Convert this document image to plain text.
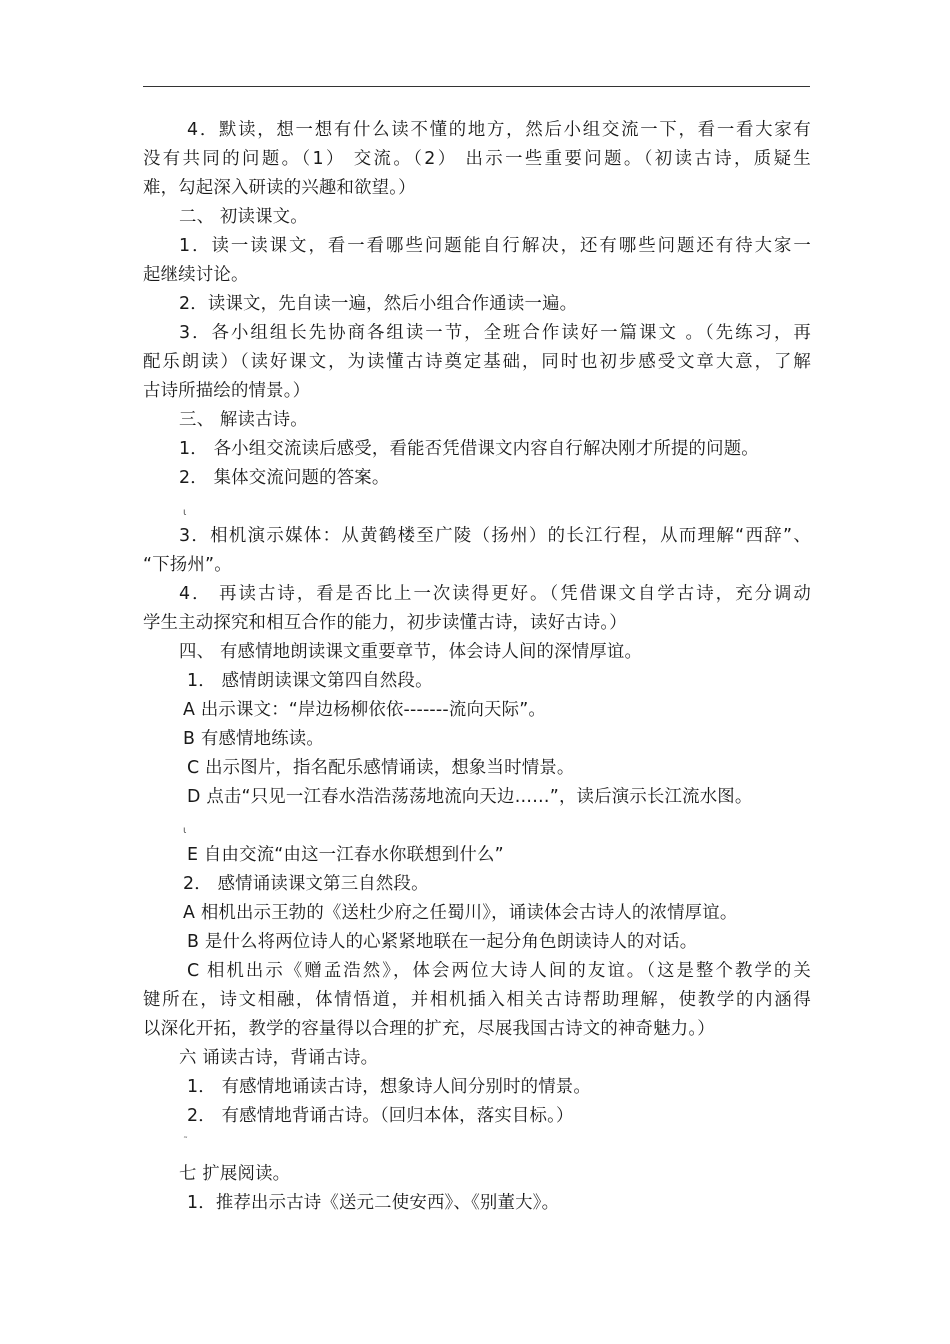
4．默读，想一想有什么读不懂的地方，然后小组交流一下，看一看大家有
没有共同的问题。（1） 交流。（2） 出示一些重要问题。（初读古诗，质疑生
难，勾起深入研读的兴趣和欲望。）
二、 初读课文。
1．读一读课文，看一看哪些问题能自行解决，还有哪些问题还有待大家一
起继续讨论。
2．读课文，先自读一遍，然后小组合作通读一遍。
3．各小组组长先协商各组读一节，全班合作读好一篇课文 。（先练习，再
配乐朗读）（读好课文，为读懂古诗奠定基础，同时也初步感受文章大意，了解
古诗所描绘的情景。）
三、 解读古诗。
1． 各小组交流读后感受，看能否凭借课文内容自行解决刚才所提的问题。
2． 集体交流问题的答案。
3．相机演示媒体：从黄鹤楼至广陵（扬州）的长江行程，从而理解“西辞”、
“下扬州”。
4． 再读古诗，看是否比上一次读得更好。（凭借课文自学古诗，充分调动
学生主动探究和相互合作的能力，初步读懂古诗，读好古诗。）
四、 有感情地朗读课文重要章节，体会诗人间的深情厚谊。
1． 感情朗读课文第四自然段。
A 出示课文：“岸边杨柳依依-------流向天际”。
B 有感情地练读。
C 出示图片，指名配乐感情诵读，想象当时情景。
D 点击“只见一江春水浩浩荡荡地流向天边……”，读后演示长江流水图。
E 自由交流“由这一江春水你联想到什么”
2． 感情诵读课文第三自然段。
A 相机出示王勃的《送杜少府之任蜀川》，诵读体会古诗人的浓情厚谊。
B 是什么将两位诗人的心紧紧地联在一起分角色朗读诗人的对话。
C 相机出示《赠孟浩然》，体会两位大诗人间的友谊。（这是整个教学的关
键所在，诗文相融，体情悟道，并相机插入相关古诗帮助理解，使教学的内涵得
以深化开拓，教学的容量得以合理的扩充，尽展我国古诗文的神奇魅力。）
六 诵读古诗，背诵古诗。
1． 有感情地诵读古诗，想象诗人间分别时的情景。
2． 有感情地背诵古诗。（回归本体，落实目标。）
七 扩展阅读。
1．推荐出示古诗《送元二使安西》、《别董大》。
ι
ι
˜
